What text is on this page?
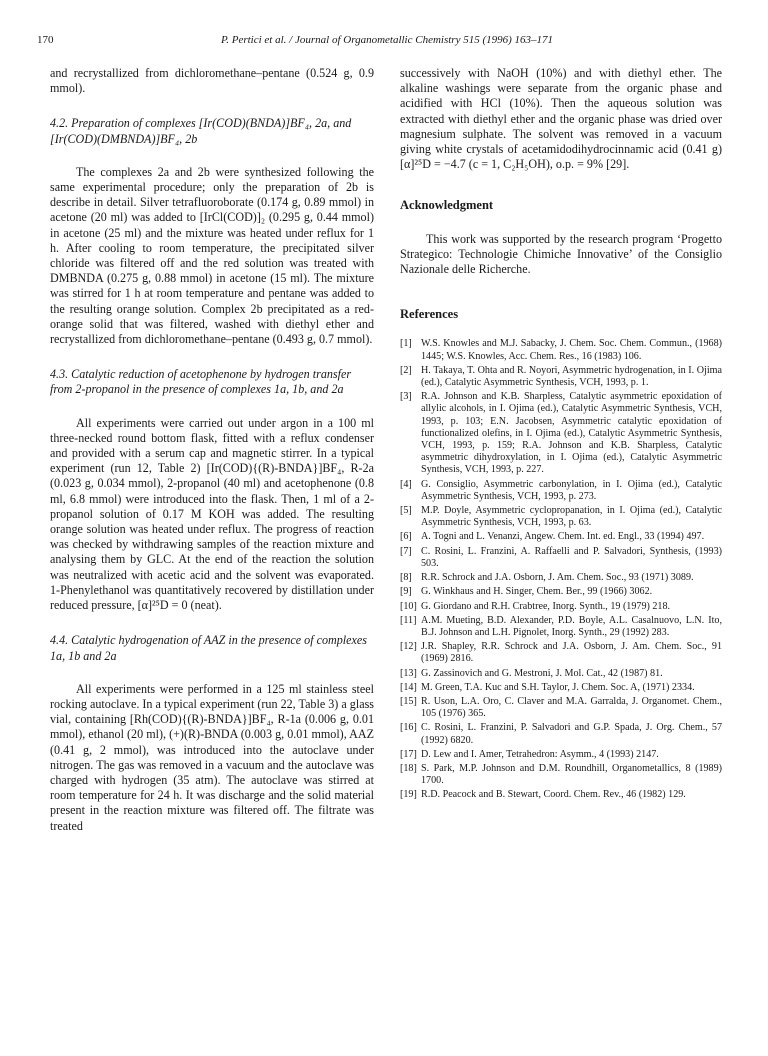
170	P. Pertici et al. / Journal of Organometallic Chemistry 515 (1996) 163–171

and recrystallized from dichloromethane–pentane (0.524 g, 0.9 mmol).

4.2. Preparation of complexes [Ir(COD)(BNDA)]BF₄, 2a, and [Ir(COD)(DMBNDA)]BF₄, 2b

The complexes 2a and 2b were synthesized following the same experimental procedure; only the preparation of 2b is describe in detail. Silver tetrafluoroborate (0.174 g, 0.89 mmol) in acetone (20 ml) was added to [IrCl(COD)]₂ (0.295 g, 0.44 mmol) in acetone (25 ml) and the mixture was heated under reflux for 1 h. After cooling to room temperature, the precipitated silver chloride was filtered off and the red solution was treated with DMBNDA (0.275 g, 0.88 mmol) in acetone (15 ml). The mixture was stirred for 1 h at room temperature and pentane was added to the resulting orange solution. Complex 2b precipitated as a red-orange solid that was filtered, washed with diethyl ether and recrystallized from dichloromethane–pentane (0.493 g, 0.7 mmol).

4.3. Catalytic reduction of acetophenone by hydrogen transfer from 2-propanol in the presence of complexes 1a, 1b, and 2a

All experiments were carried out under argon in a 100 ml three-necked round bottom flask, fitted with a reflux condenser and provided with a serum cap and magnetic stirrer. In a typical experiment (run 12, Table 2) [Ir(COD){(R)-BNDA}]BF₄, R-2a (0.023 g, 0.034 mmol), 2-propanol (40 ml) and acetophenone (0.8 ml, 6.8 mmol) were introduced into the flask. Then, 1 ml of a 2-propanol solution of 0.17 M KOH was added. The resulting orange solution was heated under reflux. The progress of reaction was checked by withdrawing samples of the reaction mixture and analysing them by GLC. At the end of the reaction the solution was neutralized with acetic acid and the solvent was evaporated. 1-Phenylethanol was quantitatively recovered by distillation under reduced pressure, [α]²⁵D = 0 (neat).

4.4. Catalytic hydrogenation of AAZ in the presence of complexes 1a, 1b and 2a

All experiments were performed in a 125 ml stainless steel rocking autoclave. In a typical experiment (run 22, Table 3) a glass vial, containing [Rh(COD){(R)-BNDA}]BF₄, R-1a (0.006 g, 0.01 mmol), ethanol (20 ml), (+)(R)-BNDA (0.003 g, 0.01 mmol), AAZ (0.41 g, 2 mmol), was introduced into the autoclave under nitrogen. The gas was removed in a vacuum and the autoclave was charged with hydrogen (35 atm). The autoclave was stirred at room temperature for 24 h. It was discharge and the solid material present in the reaction mixture was filtered off. The filtrate was treated

successively with NaOH (10%) and with diethyl ether. The alkaline washings were separate from the organic phase and acidified with HCl (10%). Then the aqueous solution was extracted with diethyl ether and the organic phase was dried over magnesium sulphate. The solvent was removed in a vacuum giving white crystals of acetamidodihydrocinnamic acid (0.41 g) [α]²⁵D = −4.7 (c = 1, C₂H₅OH), o.p. = 9% [29].

Acknowledgment

This work was supported by the research program ‘Progetto Strategico: Technologie Chimiche Innovative’ of the Consiglio Nazionale delle Richerche.

References

[1] W.S. Knowles and M.J. Sabacky, J. Chem. Soc. Chem. Commun., (1968) 1445; W.S. Knowles, Acc. Chem. Res., 16 (1983) 106.
[2] H. Takaya, T. Ohta and R. Noyori, Asymmetric hydrogenation, in I. Ojima (ed.), Catalytic Asymmetric Synthesis, VCH, 1993, p. 1.
[3] R.A. Johnson and K.B. Sharpless, Catalytic asymmetric epoxidation of allylic alcohols, in I. Ojima (ed.), Catalytic Asymmetric Synthesis, VCH, 1993, p. 103; E.N. Jacobsen, Asymmetric catalytic epoxidation of functionalized olefins, in I. Ojima (ed.), Catalytic Asymmetric Synthesis, VCH, 1993, p. 159; R.A. Johnson and K.B. Sharpless, Catalytic asymmetric dihydroxylation, in I. Ojima (ed.), Catalytic Asymmetric Synthesis, VCH, 1993, p. 227.
[4] G. Consiglio, Asymmetric carbonylation, in I. Ojima (ed.), Catalytic Asymmetric Synthesis, VCH, 1993, p. 273.
[5] M.P. Doyle, Asymmetric cyclopropanation, in I. Ojima (ed.), Catalytic Asymmetric Synthesis, VCH, 1993, p. 63.
[6] A. Togni and L. Venanzi, Angew. Chem. Int. ed. Engl., 33 (1994) 497.
[7] C. Rosini, L. Franzini, A. Raffaelli and P. Salvadori, Synthesis, (1993) 503.
[8] R.R. Schrock and J.A. Osborn, J. Am. Chem. Soc., 93 (1971) 3089.
[9] G. Winkhaus and H. Singer, Chem. Ber., 99 (1966) 3062.
[10] G. Giordano and R.H. Crabtree, Inorg. Synth., 19 (1979) 218.
[11] A.M. Mueting, B.D. Alexander, P.D. Boyle, A.L. Casalnuovo, L.N. Ito, B.J. Johnson and L.H. Pignolet, Inorg. Synth., 29 (1992) 283.
[12] J.R. Shapley, R.R. Schrock and J.A. Osborn, J. Am. Chem. Soc., 91 (1969) 2816.
[13] G. Zassinovich and G. Mestroni, J. Mol. Cat., 42 (1987) 81.
[14] M. Green, T.A. Kuc and S.H. Taylor, J. Chem. Soc. A, (1971) 2334.
[15] R. Uson, L.A. Oro, C. Claver and M.A. Garralda, J. Organomet. Chem., 105 (1976) 365.
[16] C. Rosini, L. Franzini, P. Salvadori and G.P. Spada, J. Org. Chem., 57 (1992) 6820.
[17] D. Lew and I. Amer, Tetrahedron: Asymm., 4 (1993) 2147.
[18] S. Park, M.P. Johnson and D.M. Roundhill, Organometallics, 8 (1989) 1700.
[19] R.D. Peacock and B. Stewart, Coord. Chem. Rev., 46 (1982) 129.
